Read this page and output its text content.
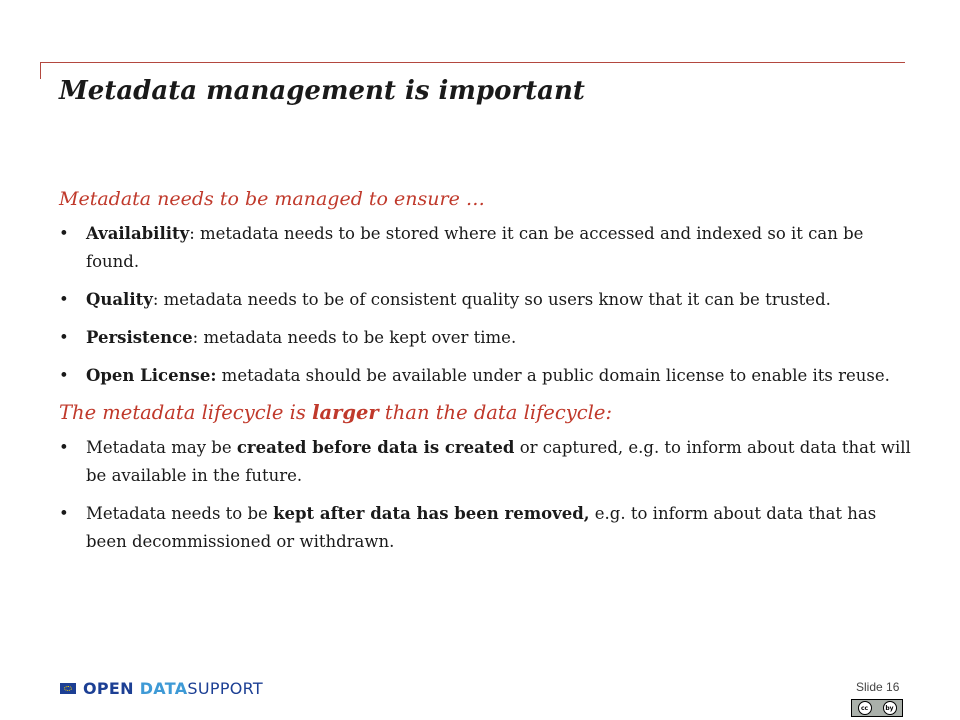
Metadata management is important

Metadata needs to be managed to ensure …

• Availability: metadata needs to be stored where it can be accessed and indexed so it can be found.
• Quality: metadata needs to be of consistent quality so users know that it can be trusted.
• Persistence: metadata needs to be kept over time.
• Open License: metadata should be available under a public domain license to enable its reuse.

The metadata lifecycle is larger than the data lifecycle:

• Metadata may be created before data is created or captured, e.g. to inform about data that will be available in the future.
• Metadata needs to be kept after data has been removed, e.g. to inform about data that has been decommissioned or withdrawn.
OPEN DATASUPPORT	Slide 16
cc	by
